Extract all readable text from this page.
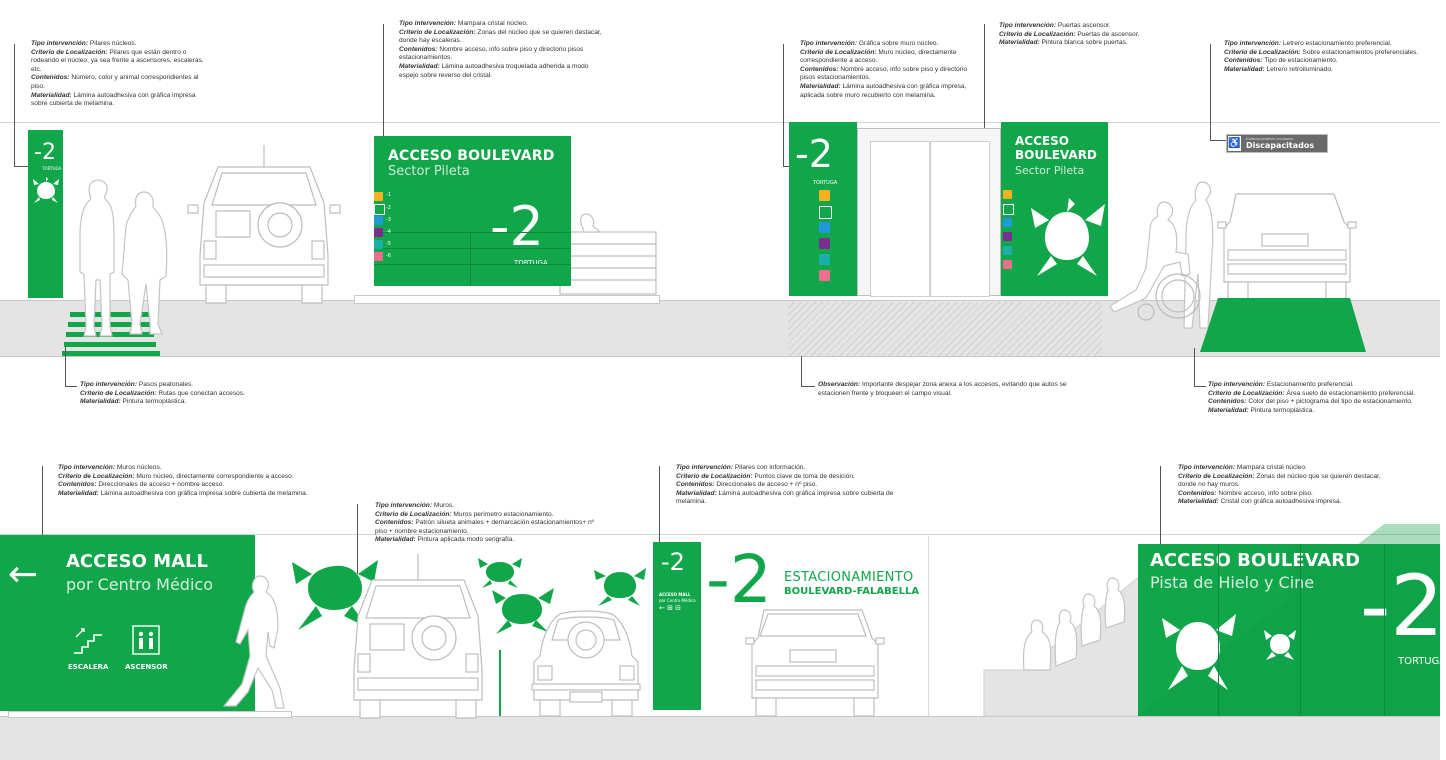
Tipo intervención: Pilares núcleos.
Criterio de Localización: Pilares que están dentro o rodeando el núcleo, ya sea frente a ascensores, escaleras, etc.
Contenidos: Número, color y animal correspondientes al piso.
Materialidad: Lámina autoadhesiva con gráfica impresa sobre cubierta de melamina.
-2
TORTUGA
Tipo intervención: Mampara cristal núcleo.
Criterio de Localización: Zonas del núcleo que se quieren destacar, donde hay escaleras.
Contenidos: Nombre acceso, info sobre piso y directorio pisos estacionamientos.
Materialidad: Lámina autoadhesiva troquelada adherida a modo espejo sobre reverso del cristal.
ACCESO BOULEVARD
Sector Pileta
-2
TORTUGA
-1
-2
-3
-4
-5
-6
Tipo intervención: Gráfica sobre muro núcleo.
Criterio de Localización: Muro núcleo, directamente correspondiente a acceso.
Contenidos: Nombre acceso, info sobre piso y directorio pisos estacionamientos.
Materialidad: Lámina autoadhesiva con gráfica impresa, aplicada sobre muro recubierto con melamina.
Tipo intervención: Puertas ascensor.
Criterio de Localización: Puertas de ascensor.
Materialidad: Pintura blanca sobre puertas.
-2
TORTUGA
ACCESO
BOULEVARD
Sector Pileta
Tipo intervención: Letrero estacionamiento preferencial.
Criterio de Localización: Sobre estacionamientos preferenciales.
Contenidos: Tipo de estacionamiento.
Materialidad: Letrero retroiluminado.
♿ Estacionamiento exclusivo
Discapacitados
Tipo intervención: Pasos peatonales.
Criterio de Localización: Rutas que conectan accesos.
Materialidad: Pintura termoplástica.
Observación: Importante despejar zona anexa a los accesos, evitando que autos se estacionen frente y bloqueen el campo visual.
Tipo intervención: Estacionamiento preferencial.
Criterio de Localización: Área suelo de estacionamiento preferencial.
Contenidos: Color del piso + pictograma del tipo de estacionamiento.
Materialidad: Pintura termoplástica.
Tipo intervención: Muros núcleos.
Criterio de Localización: Muro núcleo, directamente correspondiente a acceso.
Contenidos: Direccionales de acceso + nombre acceso.
Materialidad: Lámina autoadhesiva con gráfica impresa sobre cubierta de melamina.
← ACCESO MALL
por Centro Médico
ESCALERA ASCENSOR
Tipo intervención: Muros.
Criterio de Localización: Muros perímetro estacionamiento.
Contenidos: Patrón silueta animales + demarcación estacionamientos+ nº piso + nombre estacionamiento.
Materialidad: Pintura aplicada modo serigrafía.
Tipo intervención: Pilares con información.
Criterio de Localización: Puntos clave de toma de desición.
Contenidos: Direccionales de acceso + nº piso.
Materialidad: Lámina autoadhesiva con gráfica impresa sobre cubierta de melamina.
-2
ACCESO MALL
por Centro Médico
← ⊞ ⊟ -2 ESTACIONAMIENTO
BOULEVARD-FALABELLA
Tipo intervención: Mampara cristal núcleo.
Criterio de Localización: Zonas del núcleo que se quieren destacar, donde no hay muros.
Contenidos: Nombre acceso, info sobre piso.
Materialidad: Cristal con gráfica autoadhesiva impresa.
ACCESO BOULEVARD
Pista de Hielo y Cine -2
TORTUGA
